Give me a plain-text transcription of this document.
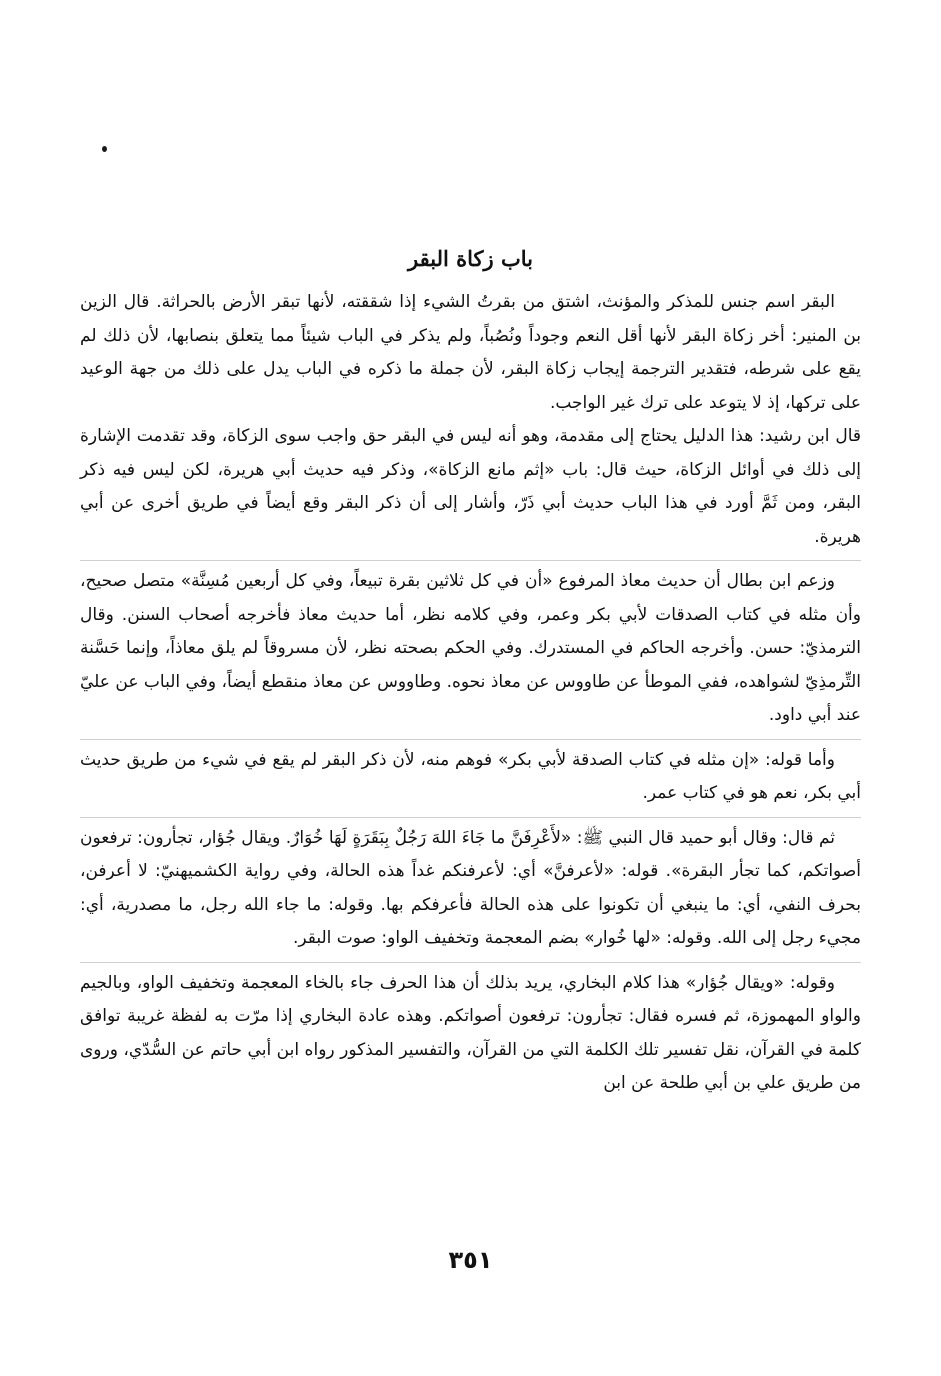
باب زكاة البقر

البقر اسم جنس للمذكر والمؤنث، اشتق من بقرتُ الشيء إذا شققته، لأنها تبقر الأرض بالحراثة. قال الزين بن المنير: أخر زكاة البقر لأنها أقل النعم وجوداً ونُصُباً، ولم يذكر في الباب شيئاً مما يتعلق بنصابها، لأن ذلك لم يقع على شرطه، فتقدير الترجمة إيجاب زكاة البقر، لأن جملة ما ذكره في الباب يدل على ذلك من جهة الوعيد على تركها، إذ لا يتوعد على ترك غير الواجب.

قال ابن رشيد: هذا الدليل يحتاج إلى مقدمة، وهو أنه ليس في البقر حق واجب سوى الزكاة، وقد تقدمت الإشارة إلى ذلك في أوائل الزكاة، حيث قال: باب «إثم مانع الزكاة»، وذكر فيه حديث أبي هريرة، لكن ليس فيه ذكر البقر، ومن ثَمَّ أورد في هذا الباب حديث أبي ذَرّ، وأشار إلى أن ذكر البقر وقع أيضاً في طريق أخرى عن أبي هريرة.

وزعم ابن بطال أن حديث معاذ المرفوع «أن في كل ثلاثين بقرة تبيعاً، وفي كل أربعين مُسِنَّة» متصل صحيح، وأن مثله في كتاب الصدقات لأبي بكر وعمر، وفي كلامه نظر، أما حديث معاذ فأخرجه أصحاب السنن. وقال الترمذيّ: حسن. وأخرجه الحاكم في المستدرك. وفي الحكم بصحته نظر، لأن مسروقاً لم يلق معاذاً، وإنما حَسَّنة التِّرمذِيّ لشواهده، ففي الموطأ عن طاووس عن معاذ نحوه. وطاووس عن معاذ منقطع أيضاً، وفي الباب عن عليّ عند أبي داود.

وأما قوله: «إن مثله في كتاب الصدقة لأبي بكر» فوهم منه، لأن ذكر البقر لم يقع في شيء من طريق حديث أبي بكر، نعم هو في كتاب عمر.

ثم قال: وقال أبو حميد قال النبي ﷺ: «لأَعْرِفَنَّ ما جَاءَ اللهَ رَجُلٌ بِبَقَرَةٍ لَهَا خُوَارٌ. ويقال جُؤار، تجأرون: ترفعون أصواتكم، كما تجأر البقرة». قوله: «لأعرفنَّ» أي: لأعرفنكم غداً هذه الحالة، وفي رواية الكشميهنيّ: لا أعرفن، بحرف النفي، أي: ما ينبغي أن تكونوا على هذه الحالة فأعرفكم بها. وقوله: ما جاء الله رجل، ما مصدرية، أي: مجيء رجل إلى الله. وقوله: «لها خُوار» بضم المعجمة وتخفيف الواو: صوت البقر.

وقوله: «ويقال جُؤار» هذا كلام البخاري، يريد بذلك أن هذا الحرف جاء بالخاء المعجمة وتخفيف الواو، وبالجيم والواو المهموزة، ثم فسره فقال: تجأرون: ترفعون أصواتكم. وهذه عادة البخاري إذا مرّت به لفظة غريبة توافق كلمة في القرآن، نقل تفسير تلك الكلمة التي من القرآن، والتفسير المذكور رواه ابن أبي حاتم عن السُّدّي، وروى من طريق علي بن أبي طلحة عن ابن

٣٥١
